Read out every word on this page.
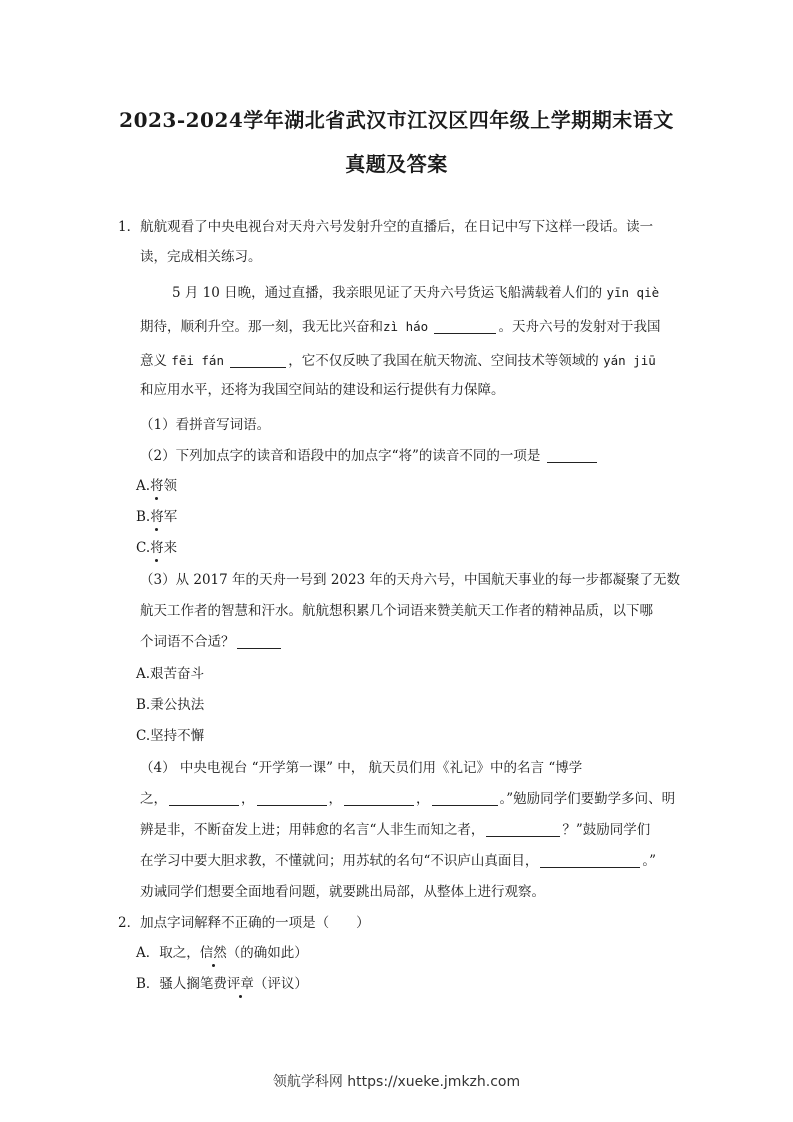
2023-2024学年湖北省武汉市江汉区四年级上学期期末语文
真题及答案
1．航航观看了中央电视台对天舟六号发射升空的直播后，在日记中写下这样一段话。读一
读，完成相关练习。
5 月 10 日晚，通过直播，我亲眼见证了天舟六号货运飞船满载着人们的 yīn qiè
期待，顺利升空。那一刻，我无比兴奋和zì háo	。天舟六号的发射对于我国
意义 fēi fán	，它不仅反映了我国在航天物流、空间技术等领域的 yán jiū
和应用水平，还将为我国空间站的建设和运行提供有力保障。
（1）看拼音写词语。
（2）下列加点字的读音和语段中的加点字“将”的读音不同的一项是
A.将领
B.将军
C.将来
（3）从 2017 年的天舟一号到 2023 年的天舟六号，中国航天事业的每一步都凝聚了无数
航天工作者的智慧和汗水。航航想积累几个词语来赞美航天工作者的精神品质，以下哪
个词语不合适？
A.艰苦奋斗
B.秉公执法
C.坚持不懈
（4） 中央电视台 “开学第一课” 中， 航天员们用《礼记》中的名言 “博学
之，	，	，	，	。”勉励同学们要勤学多问、明
辨是非，不断奋发上进；用韩愈的名言“人非生而知之者，	？”鼓励同学们
在学习中要大胆求教，不懂就问；用苏轼的名句“不识庐山真面目，	。”
劝诫同学们想要全面地看问题，就要跳出局部，从整体上进行观察。
2．加点字词解释不正确的一项是（　　）
A．取之，信然（的确如此）
B．骚人搁笔费评章（评议）
领航学科网 https://xueke.jmkzh.com
